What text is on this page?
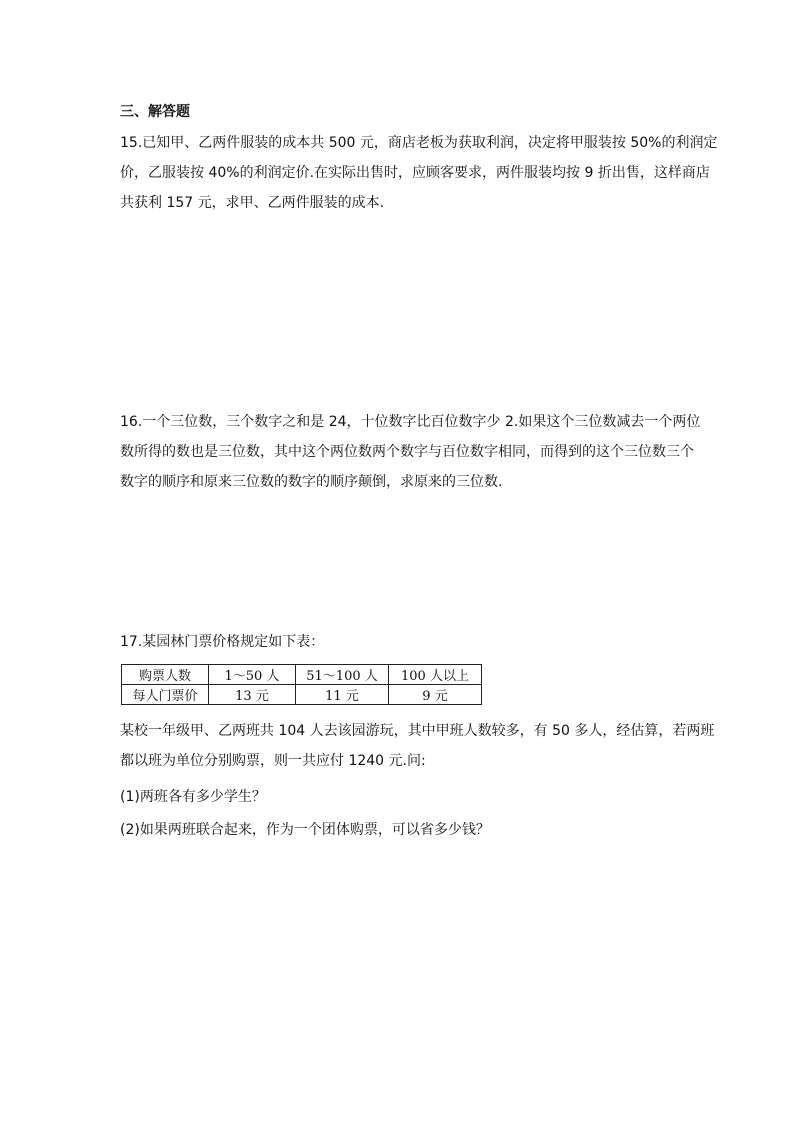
三、解答题
15.已知甲、乙两件服装的成本共 500 元，商店老板为获取利润，决定将甲服装按 50%的利润定
价，乙服装按 40%的利润定价.在实际出售时，应顾客要求，两件服装均按 9 折出售，这样商店
共获利 157 元，求甲、乙两件服装的成本.
16.一个三位数，三个数字之和是 24，十位数字比百位数字少 2.如果这个三位数减去一个两位
数所得的数也是三位数，其中这个两位数两个数字与百位数字相同，而得到的这个三位数三个
数字的顺序和原来三位数的数字的顺序颠倒，求原来的三位数.
17.某园林门票价格规定如下表：
购票人数	1～50 人	51～100 人	100 人以上
每人门票价	13 元	11 元	9 元
某校一年级甲、乙两班共 104 人去该园游玩，其中甲班人数较多，有 50 多人，经估算，若两班
都以班为单位分别购票，则一共应付 1240 元.问:
(1)两班各有多少学生？
(2)如果两班联合起来，作为一个团体购票，可以省多少钱？
